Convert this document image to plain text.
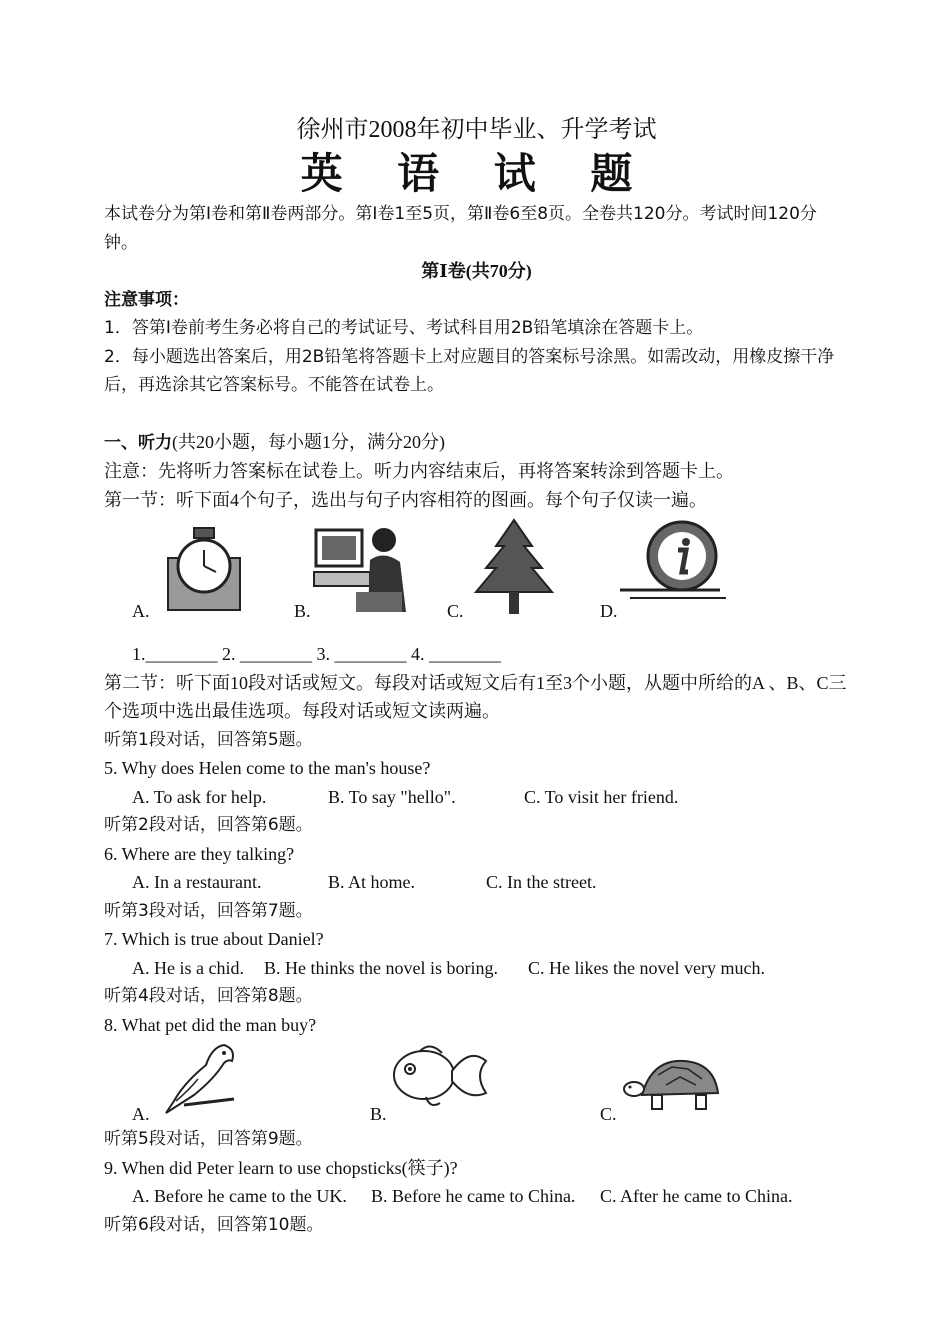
徐州市2008年初中毕业、升学考试
英 语 试 题
本试卷分为第Ⅰ卷和第Ⅱ卷两部分。第Ⅰ卷1至5页，第Ⅱ卷6至8页。全卷共120分。考试时间120分钟。
第Ⅰ卷(共70分)
注意事项：
1．答第Ⅰ卷前考生务必将自己的考试证号、考试科目用2B铅笔填涂在答题卡上。
2．每小题选出答案后，用2B铅笔将答题卡上对应题目的答案标号涂黑。如需改动，用橡皮擦干净后，再选涂其它答案标号。不能答在试卷上。
一、听力(共20小题，每小题1分，满分20分)
注意：先将听力答案标在试卷上。听力内容结束后，再将答案转涂到答题卡上。
第一节：听下面4个句子，选出与句子内容相符的图画。每个句子仅读一遍。
A.	B.	C.	D.
1.________ 2. ________ 3. ________ 4. ________
第二节：听下面10段对话或短文。每段对话或短文后有1至3个小题，从题中所给的A 、B、C三个选项中选出最佳选项。每段对话或短文读两遍。
听第1段对话，回答第5题。
5. Why does Helen come to the man's house?
A. To ask for help.	B. To say "hello".	C. To visit her friend.
听第2段对话，回答第6题。
6. Where are they talking?
A. In a restaurant.	B. At home.	C. In the street.
听第3段对话，回答第7题。
7. Which is true about Daniel?
A. He is a chid. B. He thinks the novel is boring. C. He likes the novel very much.
听第4段对话，回答第8题。
8. What pet did the man buy?
A.	B.	C.
听第5段对话，回答第9题。
9. When did Peter learn to use chopsticks(筷子)?
A. Before he came to the UK. B. Before he came to China. C. After he came to China.
听第6段对话，回答第10题。
